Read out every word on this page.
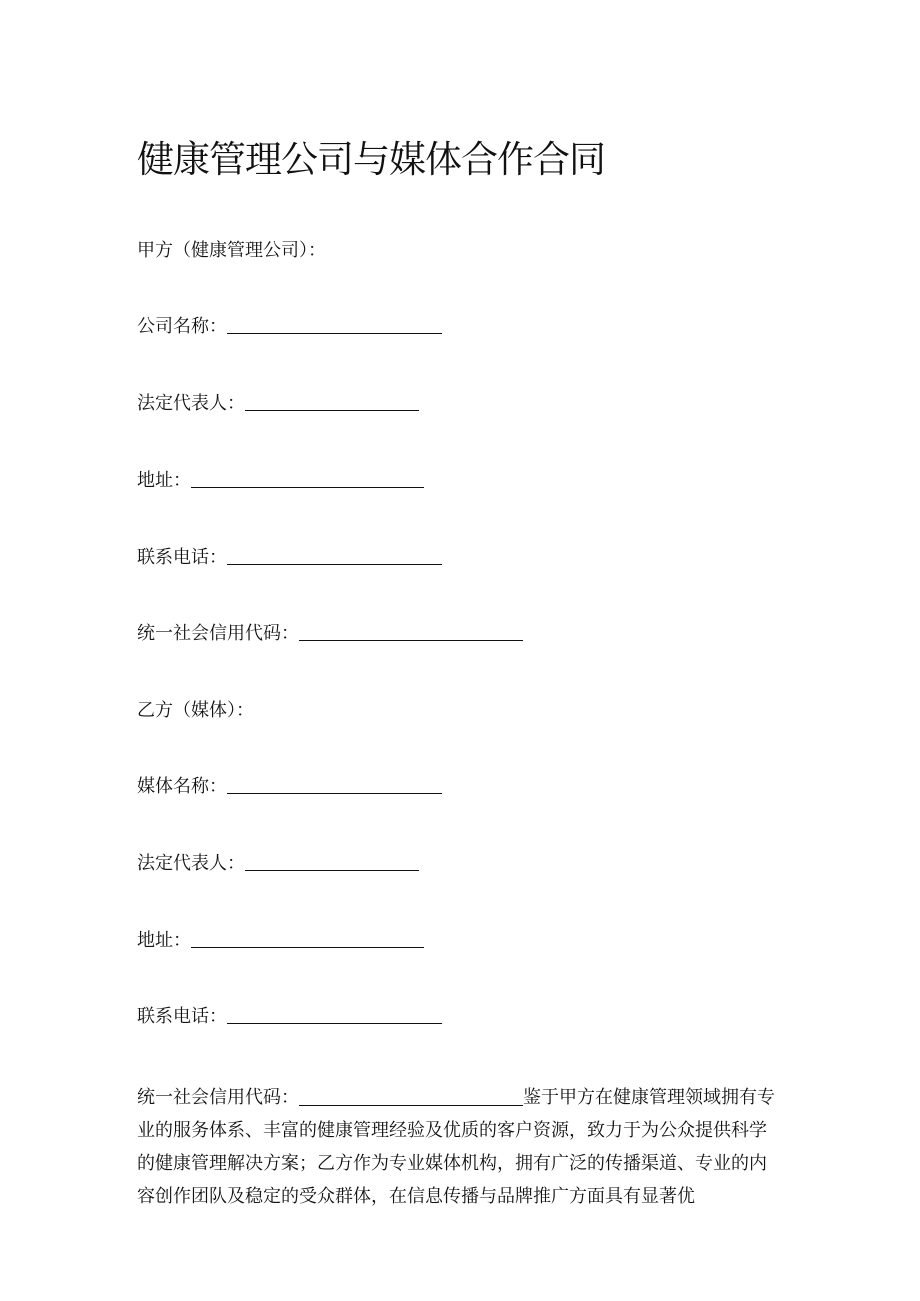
健康管理公司与媒体合作合同
甲方（健康管理公司）：
公司名称：
法定代表人：
地址：
联系电话：
统一社会信用代码：
乙方（媒体）：
媒体名称：
法定代表人：
地址：
联系电话：
统一社会信用代码：	鉴于甲方在健康管理领域拥有专业的服务体系、丰富的健康管理经验及优质的客户资源，致力于为公众提供科学的健康管理解决方案；乙方作为专业媒体机构，拥有广泛的传播渠道、专业的内容创作团队及稳定的受众群体，在信息传播与品牌推广方面具有显著优
